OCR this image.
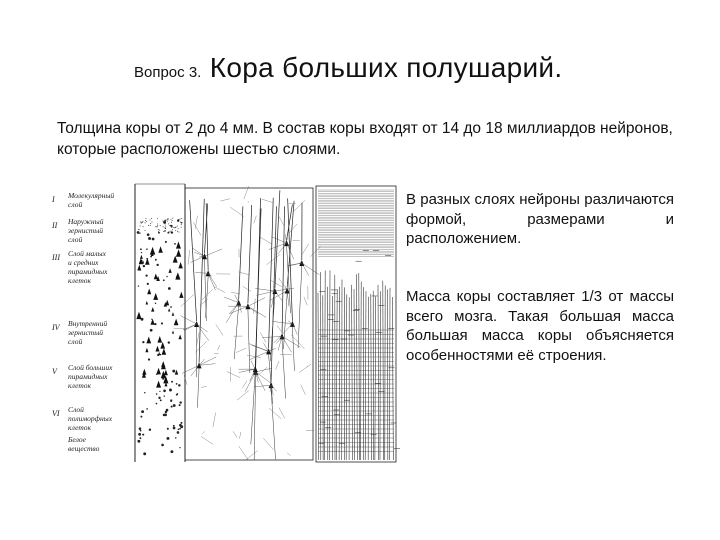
Вопрос 3. Кора больших полушарий.
Толщина коры от 2 до 4 мм. В состав коры входят от 14 до 18 миллиардов нейронов, которые расположены шестью слоями.
I Молекулярный
слой
II Наружный
зернистый
слой
III Слой малых
и средних
пирамидных
клеток
IV Внутренний
зернистый
слой
V Слой больших
пирамидных
клеток
VI Слой
полиморфных
клеток
Белое
вещество
В разных слоях нейроны различаются формой, размерами и расположением.
Масса коры составляет 1/3 от массы всего мозга. Такая большая масса большая масса коры объясняется особенностями её строения.
